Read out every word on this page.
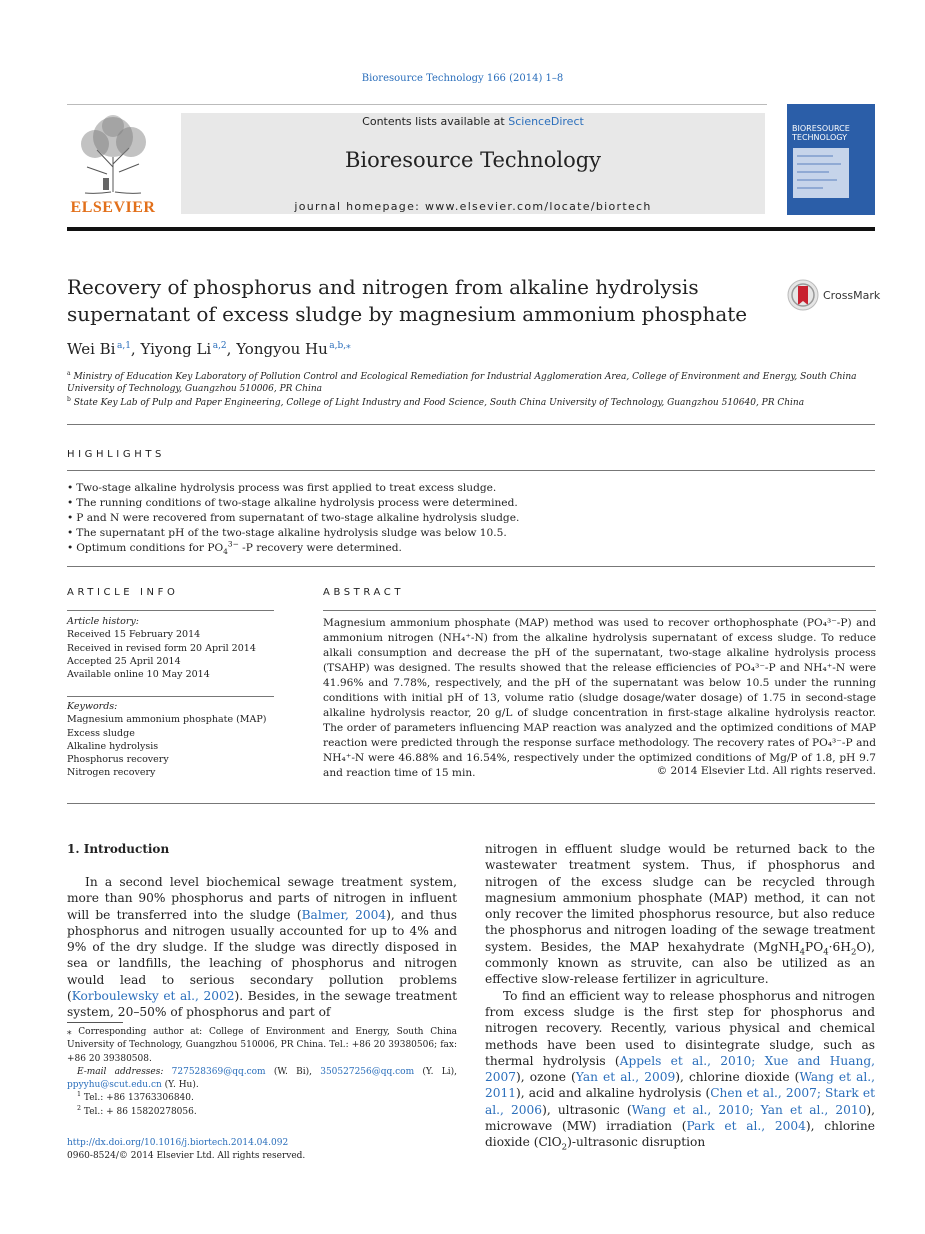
Bioresource Technology 166 (2014) 1–8
ELSEVIER
Contents lists available at ScienceDirect
Bioresource Technology
journal homepage: www.elsevier.com/locate/biortech
BIORESOURCE
TECHNOLOGY
Recovery of phosphorus and nitrogen from alkaline hydrolysis
supernatant of excess sludge by magnesium ammonium phosphate
CrossMark
Wei Bi  $^{a,1}$, Yiyong Li  $^{a,2}$, Yongyou Hu  $^{a,b,⁎}$
$^a$ Ministry of Education Key Laboratory of Pollution Control and Ecological Remediation for Industrial Agglomeration Area, College of Environment and Energy, South China University of Technology, Guangzhou 510006, PR China
$^b$ State Key Lab of Pulp and Paper Engineering, College of Light Industry and Food Science, South China University of Technology, Guangzhou 510640, PR China
HIGHLIGHTS
• Two-stage alkaline hydrolysis process was first applied to treat excess sludge.
• The running conditions of two-stage alkaline hydrolysis process were determined.
• P and N were recovered from supernatant of two-stage alkaline hydrolysis sludge.
• The supernatant pH of the two-stage alkaline hydrolysis sludge was below 10.5.
• Optimum conditions for $PO_4^{3-}$ -P recovery were determined.
ARTICLE INFO
Article history:
Received 15 February 2014
Received in revised form 20 April 2014
Accepted 25 April 2014
Available online 10 May 2014
Keywords:
Magnesium ammonium phosphate (MAP)
Excess sludge
Alkaline hydrolysis
Phosphorus recovery
Nitrogen recovery
ABSTRACT
Magnesium ammonium phosphate (MAP) method was used to recover orthophosphate (PO₄³⁻-P) and ammonium nitrogen (NH₄⁺-N) from the alkaline hydrolysis supernatant of excess sludge. To reduce alkali consumption and decrease the pH of the supernatant, two-stage alkaline hydrolysis process (TSAHP) was designed. The results showed that the release efficiencies of PO₄³⁻-P and NH₄⁺-N were 41.96% and 7.78%, respectively, and the pH of the supernatant was below 10.5 under the running conditions with initial pH of 13, volume ratio (sludge dosage/water dosage) of 1.75 in second-stage alkaline hydrolysis reactor, 20 g/L of sludge concentration in first-stage alkaline hydrolysis reactor. The order of parameters influencing MAP reaction was analyzed and the optimized conditions of MAP reaction were predicted through the response surface methodology. The recovery rates of PO₄³⁻-P and NH₄⁺-N were 46.88% and 16.54%, respectively under the optimized conditions of Mg/P of 1.8, pH 9.7 and reaction time of 15 min.	© 2014 Elsevier Ltd. All rights reserved.
1. Introduction

In a second level biochemical sewage treatment system, more than 90% phosphorus and parts of nitrogen in influent will be transferred into the sludge (Balmer, 2004), and thus phosphorus and nitrogen usually accounted for up to 4% and 9% of the dry sludge. If the sludge was directly disposed in sea or landfills, the leaching of phosphorus and nitrogen would lead to serious secondary pollution problems (Korboulewsky et al., 2002). Besides, in the sewage treatment system, 20–50% of phosphorus and part of

nitrogen in effluent sludge would be returned back to the wastewater treatment system. Thus, if phosphorus and nitrogen of the excess sludge can be recycled through magnesium ammonium phosphate (MAP) method, it can not only recover the limited phosphorus resource, but also reduce the phosphorus and nitrogen loading of the sewage treatment system. Besides, the MAP hexahydrate $(MgNH_4PO_4\cdot 6H_2O)$, commonly known as struvite, can also be utilized as an effective slow-release fertilizer in agriculture.

To find an efficient way to release phosphorus and nitrogen from excess sludge is the first step for phosphorus and nitrogen recovery. Recently, various physical and chemical methods have been used to disintegrate sludge, such as thermal hydrolysis (Appels et al., 2010; Xue and Huang, 2007), ozone (Yan et al., 2009), chlorine dioxide (Wang et al., 2011), acid and alkaline hydrolysis (Chen et al., 2007; Stark et al., 2006), ultrasonic (Wang et al., 2010; Yan et al., 2010), microwave (MW) irradiation (Park et al., 2004), chlorine dioxide (ClO$_2$)-ultrasonic disruption

⁎ Corresponding author at: College of Environment and Energy, South China University of Technology, Guangzhou 510006, PR China. Tel.: +86 20 39380506; fax: +86 20 39380508.

E-mail addresses: 727528369@qq.com (W. Bi), 350527256@qq.com (Y. Li), ppyyhu@scut.edu.cn (Y. Hu).

$^1$ Tel.: +86 13763306840.

$^2$ Tel.: + 86 15820278056.

http://dx.doi.org/10.1016/j.biortech.2014.04.092
0960-8524/© 2014 Elsevier Ltd. All rights reserved.
